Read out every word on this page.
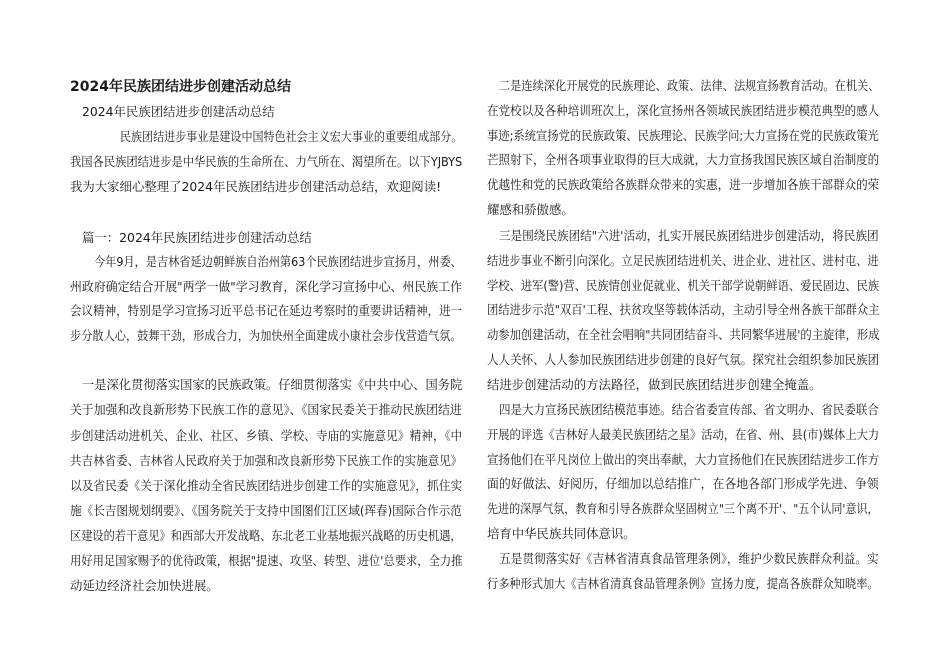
2024年民族团结进步创建活动总结

2024年民族团结进步创建活动总结

民族团结进步事业是建设中国特色社会主义宏大事业的重要组成部分。

我国各民族团结进步是中华民族的生命所在、力气所在、渴望所在。以下YJBYS

我为大家细心整理了2024年民族团结进步创建活动总结，欢迎阅读!

篇一：2024年民族团结进步创建活动总结

今年9月，是吉林省延边朝鲜族自治州第63个民族团结进步宣扬月，州委、

州政府确定结合开展"两学一做"学习教育，深化学习宣扬中心、州民族工作

会议精神，特别是学习宣扬习近平总书记在延边考察时的重要讲话精神，进一

步分散人心，鼓舞干劲，形成合力，为加快州全面建成小康社会步伐营造气氛。

一是深化贯彻落实国家的民族政策。仔细贯彻落实《中共中心、国务院

关于加强和改良新形势下民族工作的意见》、《国家民委关于推动民族团结进

步创建活动进机关、企业、社区、乡镇、学校、寺庙的实施意见》精神，《中

共吉林省委、吉林省人民政府关于加强和改良新形势下民族工作的实施意见》

以及省民委《关于深化推动全省民族团结进步创建工作的实施意见》，抓住实

施《长吉图规划纲要》、《国务院关于支持中国图们江区域(珲春)国际合作示范

区建设的若干意见》和西部大开发战略、东北老工业基地振兴战略的历史机遇，

用好用足国家赐予的优待政策，根据"提速、攻坚、转型、进位'总要求，全力推

动延边经济社会加快进展。

二是连续深化开展党的民族理论、政策、法律、法规宣扬教育活动。在机关、

在党校以及各种培训班次上，深化宣扬州各领域民族团结进步模范典型的感人

事迹;系统宣扬党的民族政策、民族理论、民族学问;大力宣扬在党的民族政策光

芒照射下，全州各项事业取得的巨大成就，大力宣扬我国民族区域自治制度的

优越性和党的民族政策给各族群众带来的实惠，进一步增加各族干部群众的荣

耀感和骄傲感。

三是围绕民族团结"六进'活动，扎实开展民族团结进步创建活动，将民族团

结进步事业不断引向深化。立足民族团结进机关、进企业、进社区、进村屯、进

学校、进军(警)营、民族情创业促就业、机关干部学说朝鲜语、爱民固边、民族

团结进步示范"双百'工程、扶贫攻坚等载体活动，主动引导全州各族干部群众主

动参加创建活动，在全社会唱响"共同团结奋斗、共同繁华进展'的主旋律，形成

人人关怀、人人参加民族团结进步创建的良好气氛。探究社会组织参加民族团

结进步创建活动的方法路径，做到民族团结进步创建全掩盖。

四是大力宣扬民族团结模范事迹。结合省委宣传部、省文明办、省民委联合

开展的评选《吉林好人最美民族团结之星》活动，在省、州、县(市)媒体上大力

宣扬他们在平凡岗位上做出的突出奉献，大力宣扬他们在民族团结进步工作方

面的好做法、好阅历，仔细加以总结推广，在各地各部门形成学先进、争领

先进的深厚气氛，教育和引导各族群众坚固树立"三个离不开'、"五个认同'意识，

培育中华民族共同体意识。

五是贯彻落实好《吉林省清真食品管理条例》，维护少数民族群众利益。实

行多种形式加大《吉林省清真食品管理条例》宣扬力度，提高各族群众知晓率。
